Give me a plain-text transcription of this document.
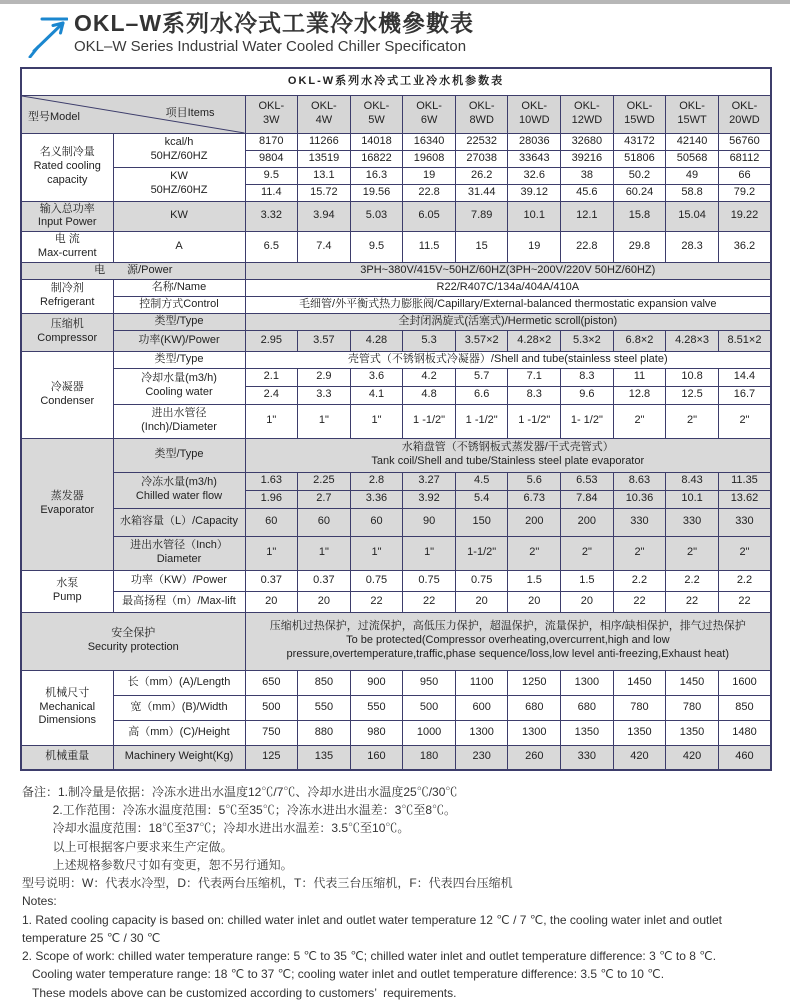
OKL–W系列水冷式工業冷水機參數表
OKL–W Series Industrial Water Cooled Chiller Specificaton
OKL-W系列水冷式工业冷水机参数表											

型号Model 项目Items		OKL-
3W	OKL-
4W	OKL-
5W	OKL-
6W	OKL-
8WD	OKL-
10WD	OKL-
12WD	OKL-
15WD	OKL-
15WT	OKL-
20WD
名义制冷量
Rated cooling
capacity	kcal/h
50HZ/60HZ	8170	11266	14018	16340	22532	28036	32680	43172	42140	56760
		9804	13519	16822	19608	27038	33643	39216	51806	50568	68112
	KW
50HZ/60HZ	9.5	13.1	16.3	19	26.2	32.6	38	50.2	49	66
		11.4	15.72	19.56	22.8	31.44	39.12	45.6	60.24	58.8	79.2
输入总功率
Input Power	KW	3.32	3.94	5.03	6.05	7.89	10.1	12.1	15.8	15.04	19.22
电 流
Max-current	A	6.5	7.4	9.5	11.5	15	19	22.8	29.8	28.3	36.2
电　　源/Power		3PH~380V/415V~50HZ/60HZ(3PH~200V/220V 50HZ/60HZ)									
制冷剂
Refrigerant	名称/Name	R22/R407C/134a/404A/410A									
	控制方式Control	毛细管/外平衡式热力膨胀阀/Capillary/External-balanced thermostatic expansion valve									
压缩机
Compressor	类型/Type	全封闭涡旋式(活塞式)/Hermetic scroll(piston)									
	功率(KW)/Power	2.95	3.57	4.28	5.3	3.57×2	4.28×2	5.3×2	6.8×2	4.28×3	8.51×2
冷凝器
Condenser	类型/Type	壳管式（不锈钢板式冷凝器）/Shell and tube(stainless steel plate)									
	冷却水量(m3/h)
Cooling water	2.1	2.9	3.6	4.2	5.7	7.1	8.3	11	10.8	14.4
		2.4	3.3	4.1	4.8	6.6	8.3	9.6	12.8	12.5	16.7
	进出水管径
(Inch)/Diameter	1"	1"	1"	1 -1/2"	1 -1/2"	1 -1/2"	1- 1/2"	2"	2"	2"
蒸发器
Evaporator	类型/Type	水箱盘管（不锈钢板式蒸发器/干式壳管式）
Tank coil/Shell and tube/Stainless steel plate evaporator									
	冷冻水量(m3/h)
Chilled water flow	1.63	2.25	2.8	3.27	4.5	5.6	6.53	8.63	8.43	11.35
		1.96	2.7	3.36	3.92	5.4	6.73	7.84	10.36	10.1	13.62
	水箱容量（L）/Capacity	60	60	60	90	150	200	200	330	330	330
	进出水管径（Inch）
Diameter	1"	1"	1"	1"	1-1/2"	2"	2"	2"	2"	2"
水泵
Pump	功率（KW）/Power	0.37	0.37	0.75	0.75	0.75	1.5	1.5	2.2	2.2	2.2
	最高扬程（m）/Max-lift	20	20	22	22	20	20	20	22	22	22
安全保护
Security protection		压缩机过热保护，过流保护，高低压力保护，超温保护，流量保护，相序/缺相保护，排气过热保护
To be protected(Compressor overheating,overcurrent,high and low
pressure,overtemperature,traffic,phase sequence/loss,low level anti-freezing,Exhaust heat)									
机械尺寸
Mechanical
Dimensions	长（mm）(A)/Length	650	850	900	950	1100	1250	1300	1450	1450	1600
	宽（mm）(B)/Width	500	550	550	500	600	680	680	780	780	850
	高（mm）(C)/Height	750	880	980	1000	1300	1300	1350	1350	1350	1480
机械重量	Machinery Weight(Kg)	125	135	160	180	230	260	330	420	420	460
备注：1.制冷量是依据：冷冻水进出水温度12℃/7℃、冷却水进出水温度25℃/30℃
　　  2.工作范围：冷冻水温度范围：5℃至35℃；冷冻水进出水温差：3℃至8℃。
　　  冷却水温度范围：18℃至37℃；冷却水进出水温差：3.5℃至10℃。
　　  以上可根据客户要求来生产定做。
　　  上述规格参数尺寸如有变更，恕不另行通知。
型号说明：W：代表水冷型，D：代表两台压缩机，T：代表三台压缩机，F：代表四台压缩机
Notes:
1. Rated cooling capacity is based on: chilled water inlet and outlet water temperature 12 ℃ / 7 ℃, the cooling water inlet and outlet
temperature 25 ℃ / 30 ℃
2. Scope of work: chilled water temperature range: 5 ℃ to 35 ℃; chilled water inlet and outlet temperature difference: 3 ℃ to 8 ℃.
Cooling water temperature range: 18 ℃ to 37 ℃; cooling water inlet and outlet temperature difference: 3.5 ℃ to 10 ℃.
These models above can be customized according to customers’  requirements.
